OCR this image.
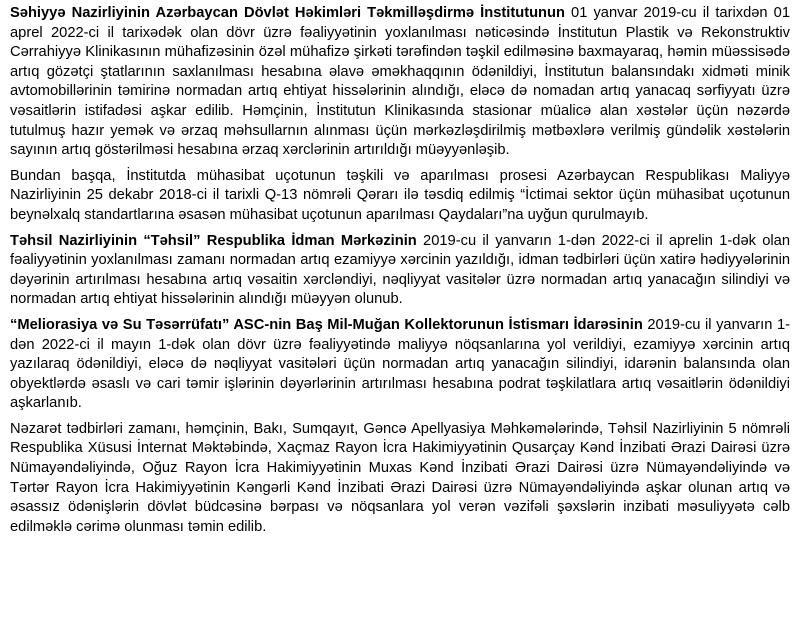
Səhiyyə Nazirliyinin Azərbaycan Dövlət Həkimləri Təkmilləşdirmə İnstitutunun 01 yanvar 2019-cu il tarixdən 01 aprel 2022-ci il tarixədək olan dövr üzrə fəaliyyətinin yoxlanılması nəticəsində İnstitutun Plastik və Rekonstruktiv Cərrahiyyə Klinikasının mühafizəsinin özəl mühafizə şirkəti tərəfindən təşkil edilməsinə baxmayaraq, həmin müəssisədə artıq gözətçi ştatlarının saxlanılması hesabına əlavə əməkhaqqının ödənildiyi, İnstitutun balansındakı xidməti minik avtomobillərinin təmirinə normadan artıq ehtiyat hissələrinin alındığı, eləcə də nomadan artıq yanacaq sərfiyyatı üzrə vəsaitlərin istifadəsi aşkar edilib. Həmçinin, İnstitutun Klinikasında stasionar müalicə alan xəstələr üçün nəzərdə tutulmuş hazır yemək və ərzaq məhsullarnın alınması üçün mərkəzləşdirilmiş mətbəxlərə verilmiş gündəlik xəstələrin sayının artıq göstərilməsi hesabına ərzaq xərclərinin artırıldığı müəyyənləşib.

Bundan başqa, İnstitutda mühasibat uçotunun təşkili və aparılması prosesi Azərbaycan Respublikası Maliyyə Nazirliyinin 25 dekabr 2018-ci il tarixli Q-13 nömrəli Qərarı ilə təsdiq edilmiş “İctimai sektor üçün mühasibat uçotunun beynəlxalq standartlarına əsasən mühasibat uçotunun aparılması Qaydaları”na uyğun qurulmayıb.

Təhsil Nazirliyinin “Təhsil” Respublika İdman Mərkəzinin 2019-cu il yanvarın 1-dən 2022-ci il aprelin 1-dək olan fəaliyyətinin yoxlanılması zamanı normadan artıq ezamiyyə xərcinin yazıldığı, idman tədbirləri üçün xatirə hədiyyələrinin dəyərinin artırılması hesabına artıq vəsaitin xərcləndiyi, nəqliyyat vasitələr üzrə normadan artıq yanacağın silindiyi və normadan artıq ehtiyat hissələrinin alındığı müəyyən olunub.

“Meliorasiya və Su Təsərrüfatı” ASC-nin Baş Mil-Muğan Kollektorunun İstismarı İdarəsinin 2019-cu il yanvarın 1-dən 2022-ci il mayın 1-dək olan dövr üzrə fəaliyyətində maliyyə nöqsanlarına yol verildiyi, ezamiyyə xərcinin artıq yazılaraq ödənildiyi, eləcə də nəqliyyat vasitələri üçün normadan artıq yanacağın silindiyi, idarənin balansında olan obyektlərdə əsaslı və cari təmir işlərinin dəyərlərinin artırılması hesabına podrat təşkilatlara artıq vəsaitlərin ödənildiyi aşkarlanıb.

Nəzarət tədbirləri zamanı, həmçinin, Bakı, Sumqayıt, Gəncə Apellyasiya Məhkəmələrində, Təhsil Nazirliyinin 5 nömrəli Respublika Xüsusi İnternat Məktəbində, Xaçmaz Rayon İcra Hakimiyyətinin Qusarçay Kənd İnzibati Ərazi Dairəsi üzrə Nümayəndəliyində, Oğuz Rayon İcra Hakimiyyətinin Muxas Kənd İnzibati Ərazi Dairəsi üzrə Nümayəndəliyində və Tərtər Rayon İcra Hakimiyyətinin Kəngərli Kənd İnzibati Ərazi Dairəsi üzrə Nümayəndəliyində aşkar olunan artıq və əsassız ödənişlərin dövlət büdcəsinə bərpası və nöqsanlara yol verən vəzifəli şəxslərin inzibati məsuliyyətə cəlb edilməklə cərimə olunması təmin edilib.
